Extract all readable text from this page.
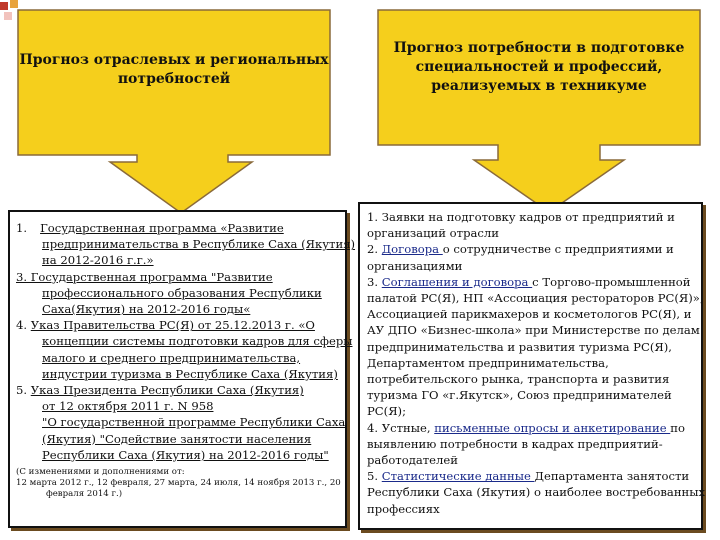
Прогноз отраслевых и региональных
потребностей
Прогноз потребности в подготовке
специальностей и профессий,
реализуемых в техникуме
1. Государственная программа «Развитие
предпринимательства в Республике Саха (Якутия)
на 2012-2016 г.г.»
3. Государственная программа "Развитие
профессионального образования Республики
Саха(Якутия) на 2012-2016 годы«
4. Указ Правительства РС(Я) от 25.12.2013 г. «О
концепции системы подготовки кадров для сферы
малого и среднего предпринимательства,
индустрии туризма в Республике Саха (Якутия)
5. Указ Президента Республики Саха (Якутия)
от 12 октября 2011 г. N 958
"О государственной программе Республики Саха
(Якутия) "Содействие занятости населения
Республики Саха (Якутия) на 2012-2016 годы"
(С изменениями и дополнениями от:
12 марта 2012 г., 12 февраля, 27 марта, 24 июля, 14 ноября 2013 г., 20
февраля 2014 г.)
1. Заявки на подготовку кадров от предприятий и
организаций отрасли
2. Договора о сотрудничестве с предприятиями и
организациями
3. Соглашения и договора с Торгово-промышленной
палатой РС(Я), НП «Ассоциация рестораторов РС(Я)»,
Ассоциацией парикмахеров и косметологов РС(Я), и
АУ ДПО «Бизнес-школа» при Министерстве по делам
предпринимательства и развития туризма РС(Я),
Департаментом предпринимательства,
потребительского рынка, транспорта и развития
туризма ГО «г.Якутск», Союз предпринимателей
РС(Я);
4. Устные, письменные опросы и анкетирование по
выявлению потребности в кадрах предприятий-
работодателей
5. Статистические данные Департамента занятости
Республики Саха (Якутия) о наиболее востребованных
профессиях
